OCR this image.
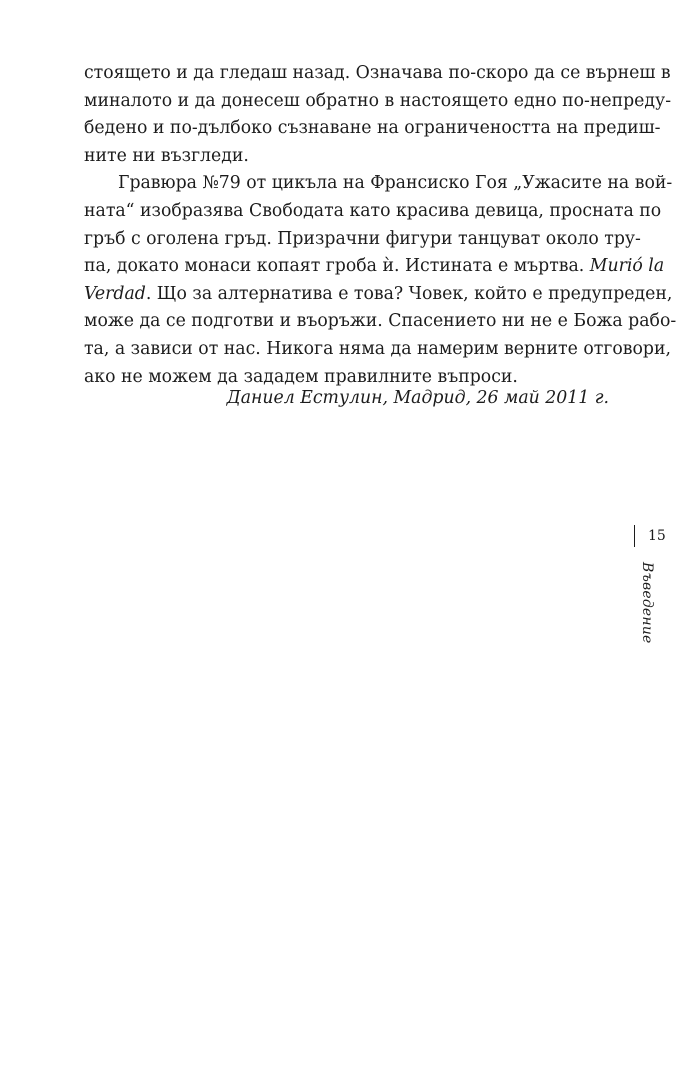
стоящето и да гледаш назад. Означава по-скоро да се върнеш в
миналото и да донесеш обратно в настоящето едно по-непреду-
бедено и по-дълбоко съзнаване на ограничеността на предиш-
ните ни възгледи.
Гравюра №79 от цикъла на Франсиско Гоя „Ужасите на вой-
ната“ изобразява Свободата като красива девица, просната по
гръб с оголена гръд. Призрачни фигури танцуват около тру-
па, докато монаси копаят гроба ѝ. Истината е мъртва. Murió la
Verdad. Що за алтернатива е това? Човек, който е предупреден,
може да се подготви и въоръжи. Спасението ни не е Божа рабо-
та, а зависи от нас. Никога няма да намерим верните отговори,
ако не можем да зададем правилните въпроси.
Даниел Естулин, Мадрид, 26 май 2011 г.
15
Въведение
